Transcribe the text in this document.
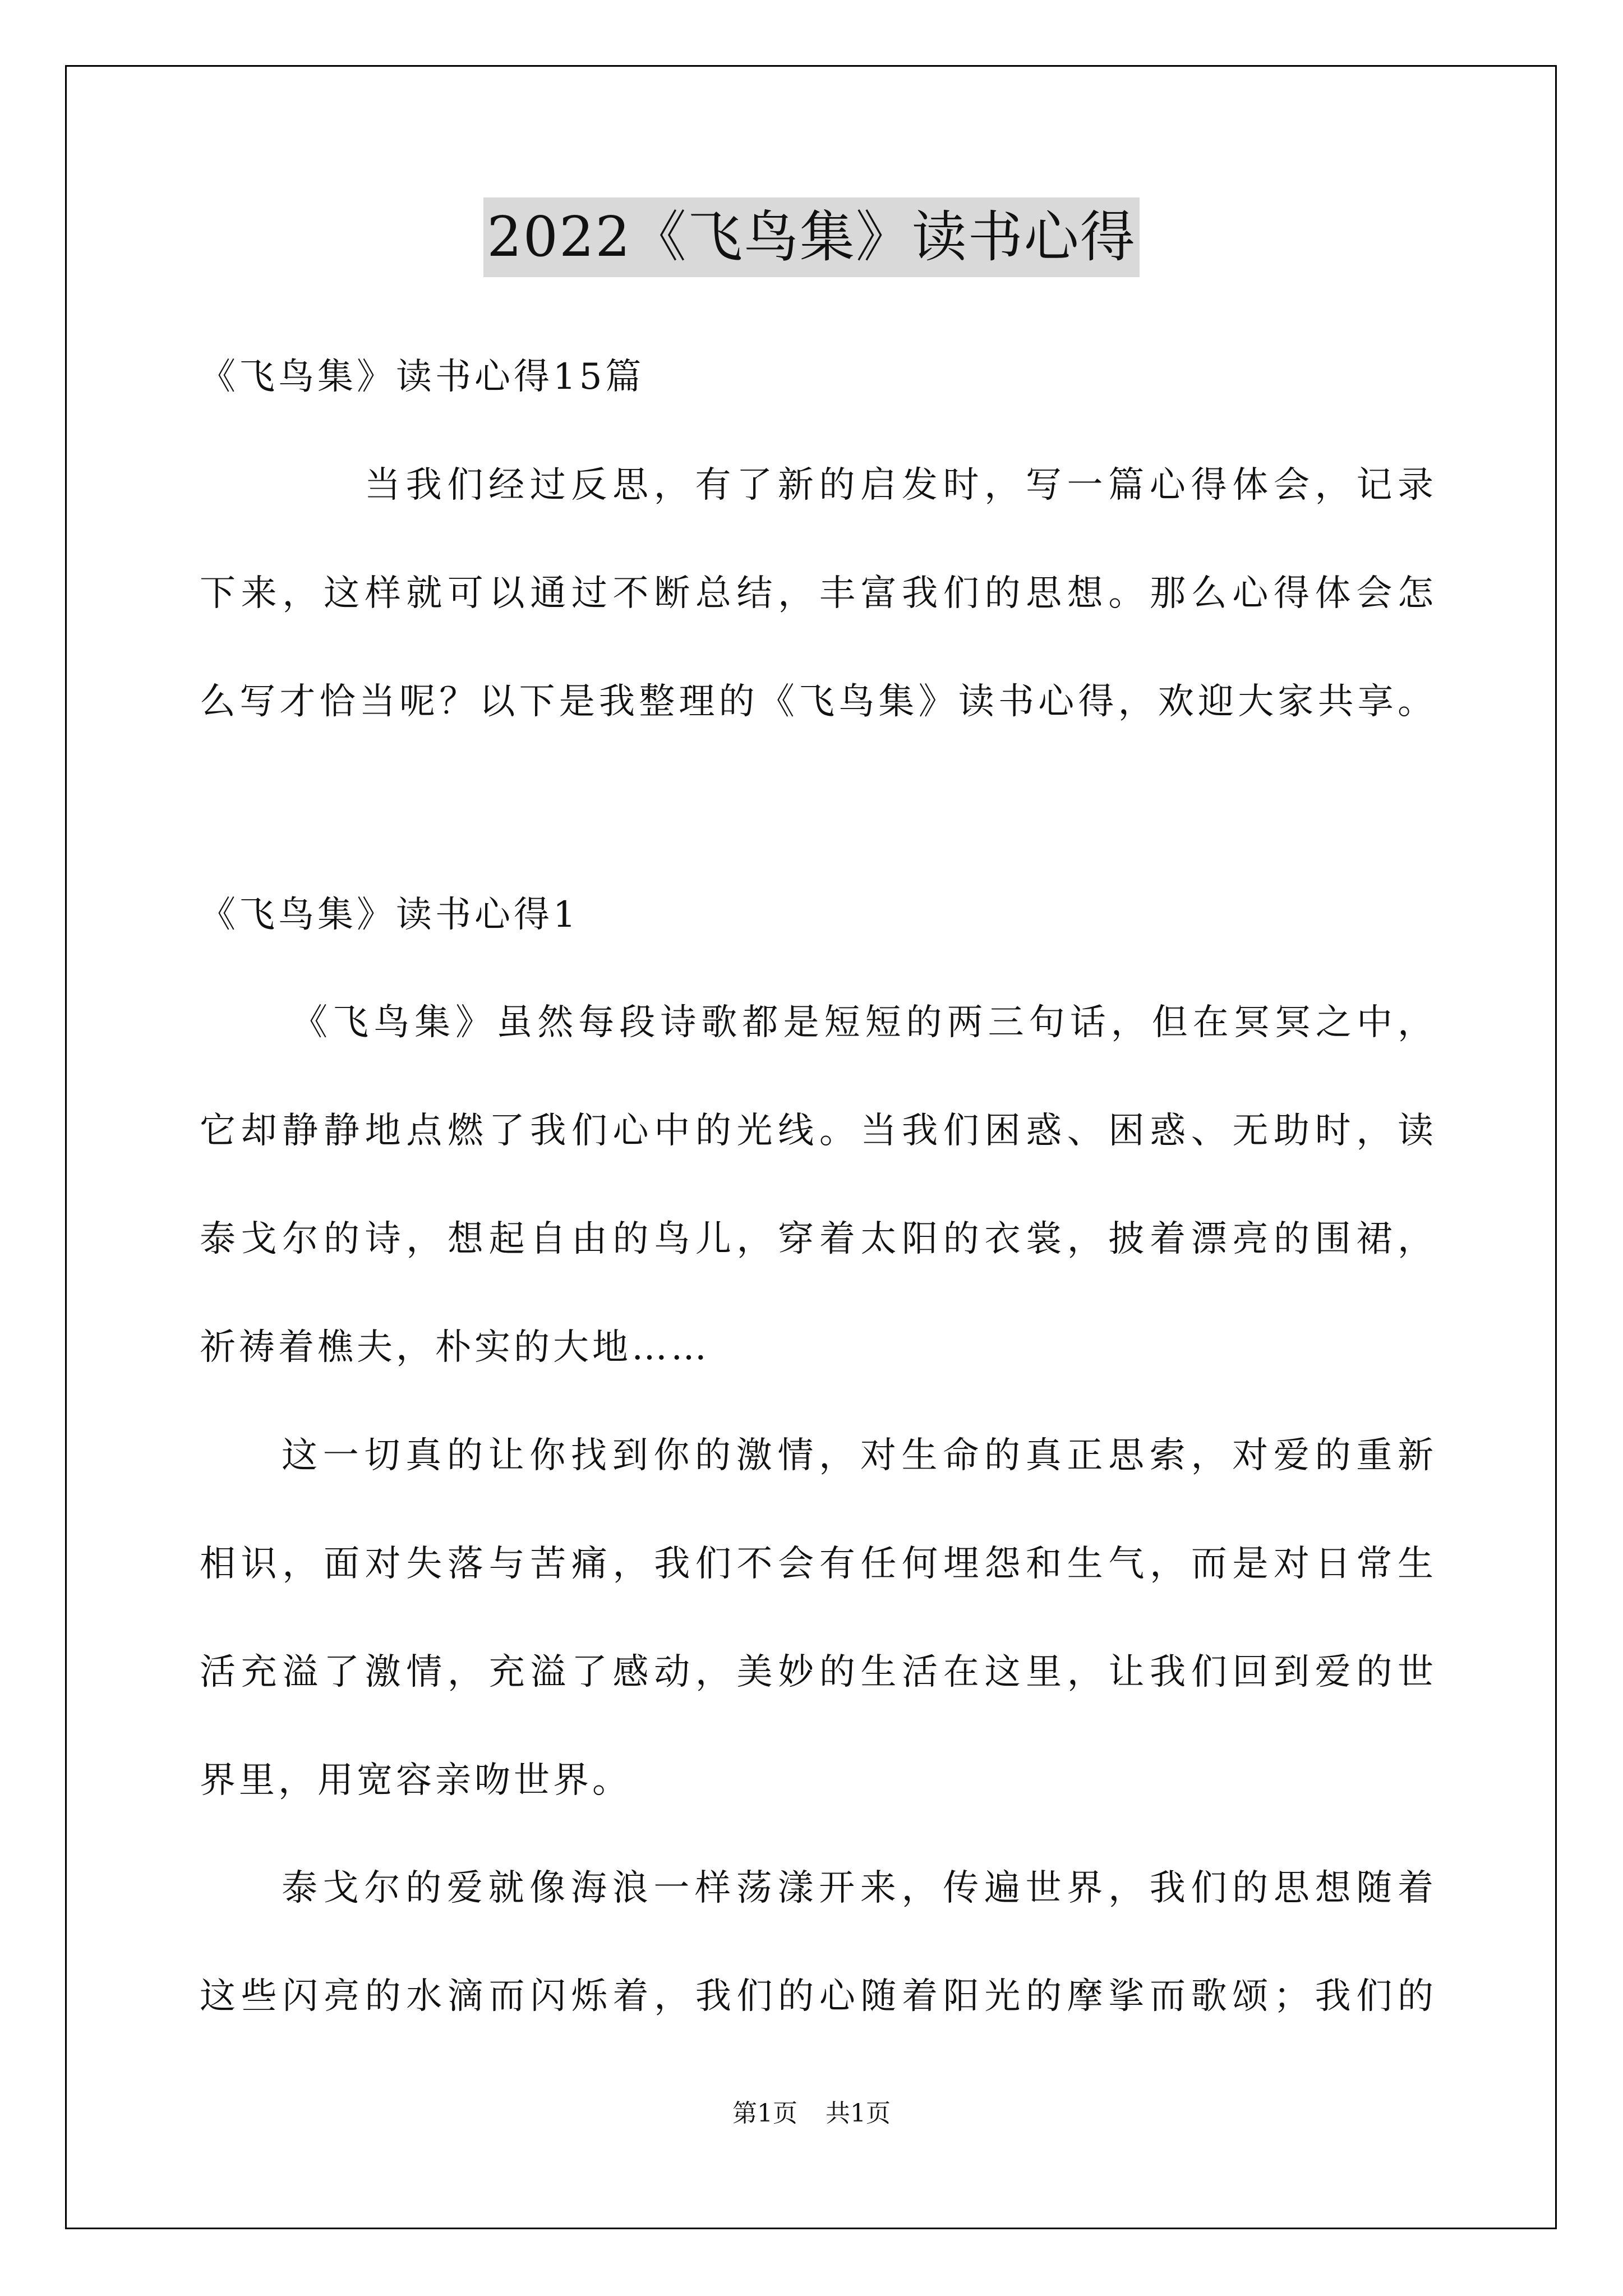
2022《飞鸟集》读书心得
《飞鸟集》读书心得15篇
当我们经过反思，有了新的启发时，写一篇心得体会，记录
下来，这样就可以通过不断总结，丰富我们的思想。那么心得体会怎
么写才恰当呢？以下是我整理的《飞鸟集》读书心得，欢迎大家共享。
《飞鸟集》读书心得1
《飞鸟集》虽然每段诗歌都是短短的两三句话，但在冥冥之中，
它却静静地点燃了我们心中的光线。当我们困惑、困惑、无助时，读
泰戈尔的诗，想起自由的鸟儿，穿着太阳的衣裳，披着漂亮的围裙，
祈祷着樵夫，朴实的大地……
这一切真的让你找到你的激情，对生命的真正思索，对爱的重新
相识，面对失落与苦痛，我们不会有任何埋怨和生气，而是对日常生
活充溢了激情，充溢了感动，美妙的生活在这里，让我们回到爱的世
界里，用宽容亲吻世界。
泰戈尔的爱就像海浪一样荡漾开来，传遍世界，我们的思想随着
这些闪亮的水滴而闪烁着，我们的心随着阳光的摩挲而歌颂；我们的
第1页 共1页
